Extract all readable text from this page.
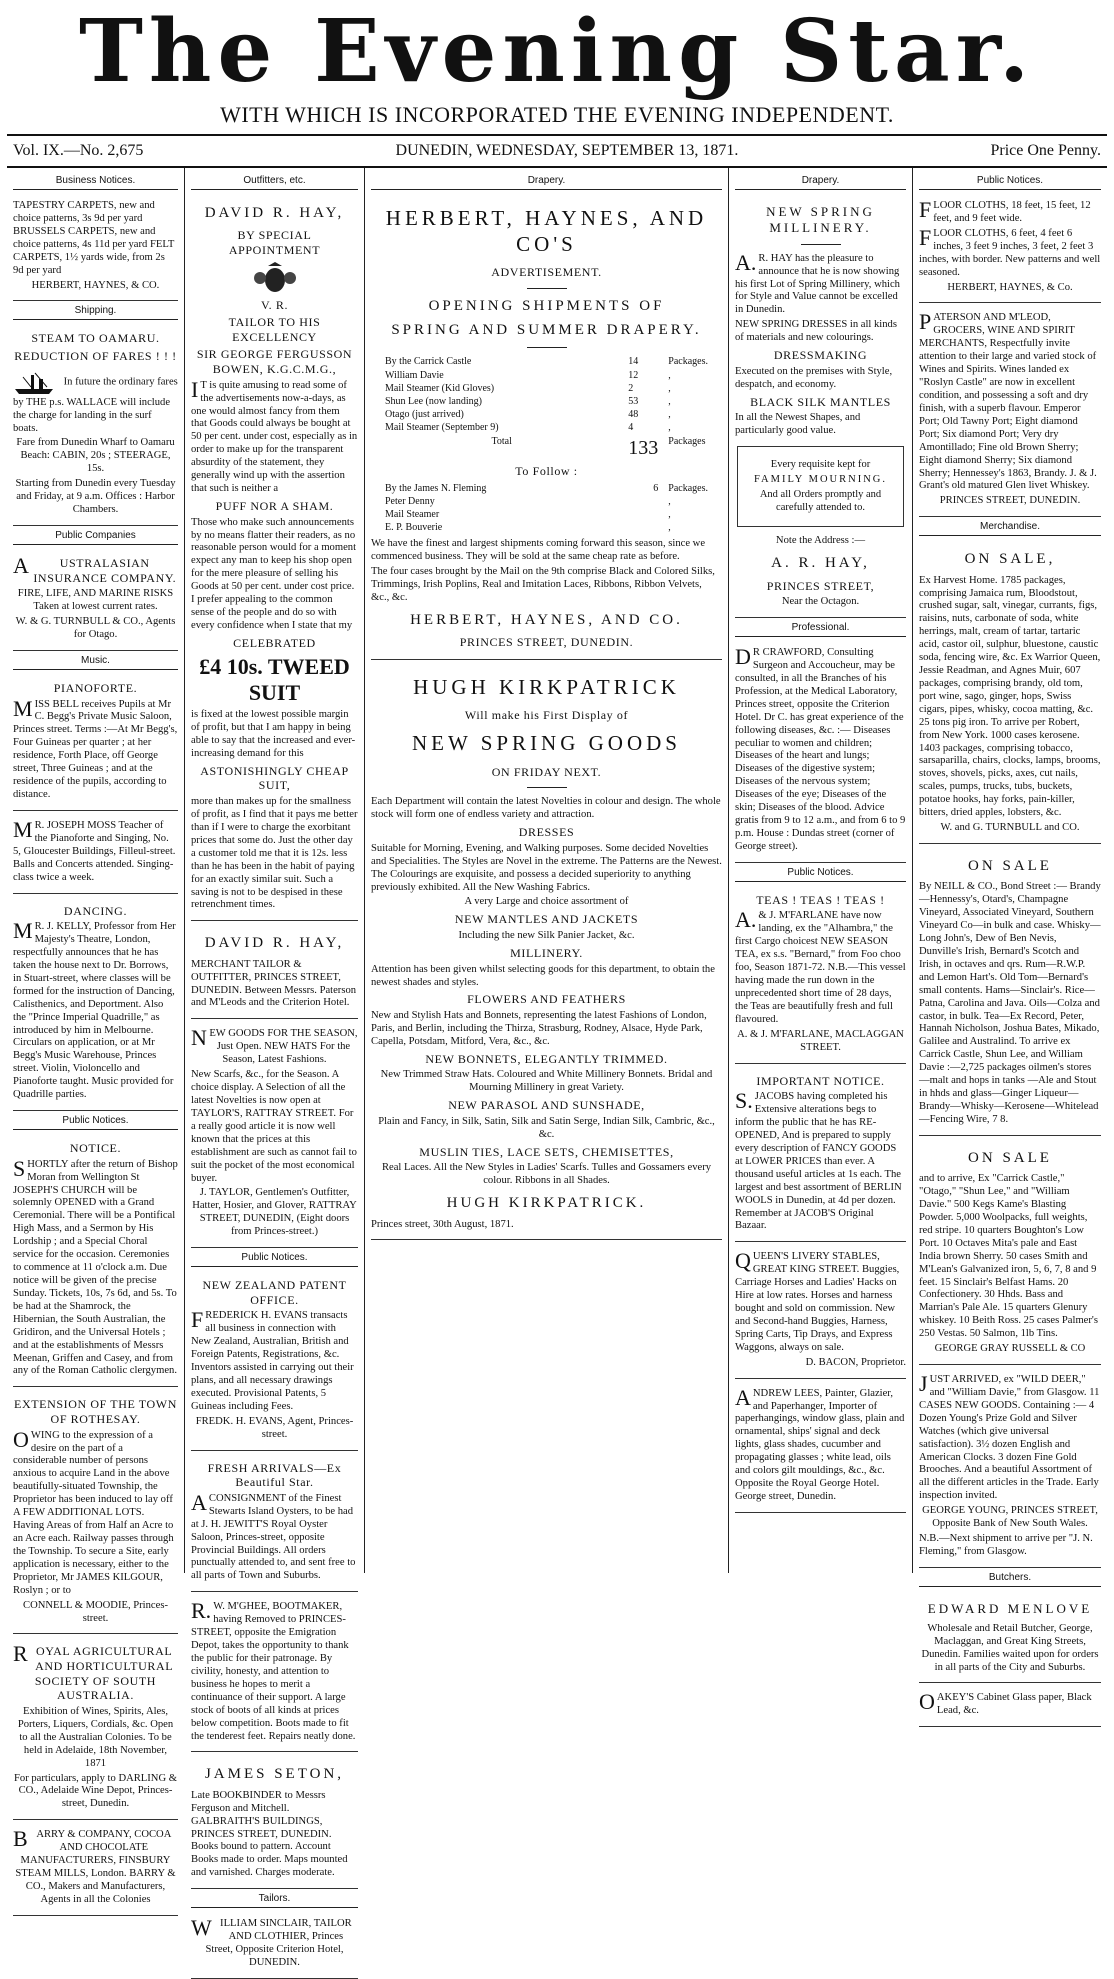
The Evening Star.
WITH WHICH IS INCORPORATED THE EVENING INDEPENDENT.
Vol. IX.—No. 2,675	DUNEDIN, WEDNESDAY, SEPTEMBER 13, 1871.	Price One Penny.
Business Notices.

TAPESTRY CARPETS, new and choice patterns, 3s 9d per yard BRUSSELS CARPETS, new and choice patterns, 4s 11d per yard FELT CARPETS, 1½ yards wide, from 2s 9d per yard

HERBERT, HAYNES, & CO.

Shipping.
STEAM TO OAMARU.
REDUCTION OF FARES ! ! !

In future the ordinary fares by THE p.s. WALLACE will include the charge for landing in the surf boats.

Fare from Dunedin Wharf to Oamaru Beach: CABIN, 20s ; STEERAGE, 15s.

Starting from Dunedin every Tuesday and Friday, at 9 a.m. Offices : Harbor Chambers.

Public Companies
AUSTRALASIAN INSURANCE COMPANY.

FIRE, LIFE, AND MARINE RISKS Taken at lowest current rates.

W. & G. TURNBULL & CO., Agents for Otago.

Music.
PIANOFORTE.

MISS BELL receives Pupils at Mr C. Begg's Private Music Saloon, Princes street. Terms :—At Mr Begg's, Four Guineas per quarter ; at her residence, Forth Place, off George street, Three Guineas ; and at the residence of the pupils, according to distance.

MR. JOSEPH MOSS Teacher of the Pianoforte and Singing, No. 5, Gloucester Buildings, Filleul-street. Balls and Concerts attended. Singing-class twice a week.

DANCING.

MR. J. KELLY, Professor from Her Majesty's Theatre, London, respectfully announces that he has taken the house next to Dr. Borrows, in Stuart-street, where classes will be formed for the instruction of Dancing, Calisthenics, and Deportment. Also the "Prince Imperial Quadrille," as introduced by him in Melbourne. Circulars on application, or at Mr Begg's Music Warehouse, Princes street. Violin, Violoncello and Pianoforte taught. Music provided for Quadrille parties.

Public Notices.
NOTICE.

SHORTLY after the return of Bishop Moran from Wellington St JOSEPH'S CHURCH will be solemnly OPENED with a Grand Ceremonial. There will be a Pontifical High Mass, and a Sermon by His Lordship ; and a Special Choral service for the occasion. Ceremonies to commence at 11 o'clock a.m. Due notice will be given of the precise Sunday. Tickets, 10s, 7s 6d, and 5s. To be had at the Shamrock, the Hibernian, the South Australian, the Gridiron, and the Universal Hotels ; and at the establishments of Messrs Meenan, Griffen and Casey, and from any of the Roman Catholic clergymen.

EXTENSION OF THE TOWN OF ROTHESAY.

OWING to the expression of a desire on the part of a considerable number of persons anxious to acquire Land in the above beautifully-situated Township, the Proprietor has been induced to lay off A FEW ADDITIONAL LOTS. Having Areas of from Half an Acre to an Acre each. Railway passes through the Township. To secure a Site, early application is necessary, either to the Proprietor, Mr JAMES KILGOUR, Roslyn ; or to

CONNELL & MOODIE, Princes-street.

ROYAL AGRICULTURAL AND HORTICULTURAL SOCIETY OF SOUTH AUSTRALIA.

Exhibition of Wines, Spirits, Ales, Porters, Liquers, Cordials, &c. Open to all the Australian Colonies. To be held in Adelaide, 18th November, 1871

For particulars, apply to DARLING & CO., Adelaide Wine Depot, Princes-street, Dunedin.

BARRY & COMPANY, COCOA AND CHOCOLATE MANUFACTURERS, FINSBURY STEAM MILLS, London. BARRY & CO., Makers and Manufacturers, Agents in all the Colonies

Outfitters, etc.
DAVID R. HAY,
BY SPECIAL APPOINTMENT
V. R.
TAILOR TO HIS EXCELLENCY
SIR GEORGE FERGUSSON BOWEN, K.G.C.M.G.,

IT is quite amusing to read some of the advertisements now-a-days, as one would almost fancy from them that Goods could always be bought at 50 per cent. under cost, especially as in order to make up for the transparent absurdity of the statement, they generally wind up with the assertion that such is neither a

PUFF NOR A SHAM.

Those who make such announcements by no means flatter their readers, as no reasonable person would for a moment expect any man to keep his shop open for the mere pleasure of selling his Goods at 50 per cent. under cost price. I prefer appealing to the common sense of the people and do so with every confidence when I state that my

CELEBRATED
£4 10s. TWEED SUIT

is fixed at the lowest possible margin of profit, but that I am happy in being able to say that the increased and ever-increasing demand for this

ASTONISHINGLY CHEAP SUIT,

more than makes up for the smallness of profit, as I find that it pays me better than if I were to charge the exorbitant prices that some do. Just the other day a customer told me that it is 12s. less than he has been in the habit of paying for an exactly similar suit. Such a saving is not to be despised in these retrenchment times.

DAVID R. HAY,

MERCHANT TAILOR & OUTFITTER, PRINCES STREET, DUNEDIN. Between Messrs. Paterson and M'Leods and the Criterion Hotel.

NEW GOODS FOR THE SEASON, Just Open. NEW HATS For the Season, Latest Fashions.

New Scarfs, &c., for the Season. A choice display. A Selection of all the latest Novelties is now open at TAYLOR'S, RATTRAY STREET. For a really good article it is now well known that the prices at this establishment are such as cannot fail to suit the pocket of the most economical buyer.

J. TAYLOR, Gentlemen's Outfitter, Hatter, Hosier, and Glover, RATTRAY STREET, DUNEDIN, (Eight doors from Princes-street.)

Public Notices.
NEW ZEALAND PATENT OFFICE.

FREDERICK H. EVANS transacts all business in connection with New Zealand, Australian, British and Foreign Patents, Registrations, &c. Inventors assisted in carrying out their plans, and all necessary drawings executed. Provisional Patents, 5 Guineas including Fees.

FREDK. H. EVANS, Agent, Princes-street.

FRESH ARRIVALS—Ex Beautiful Star.

ACONSIGNMENT of the Finest Stewarts Island Oysters, to be had at J. H. JEWITT'S Royal Oyster Saloon, Princes-street, opposite Provincial Buildings. All orders punctually attended to, and sent free to all parts of Town and Suburbs.

R.W. M'GHEE, BOOTMAKER, having Removed to PRINCES-STREET, opposite the Emigration Depot, takes the opportunity to thank the public for their patronage. By civility, honesty, and attention to business he hopes to merit a continuance of their support. A large stock of boots of all kinds at prices below competition. Boots made to fit the tenderest feet. Repairs neatly done.

JAMES SETON,

Late BOOKBINDER to Messrs Ferguson and Mitchell. GALBRAITH'S BUILDINGS, PRINCES STREET, DUNEDIN. Books bound to pattern. Account Books made to order. Maps mounted and varnished. Charges moderate.

Tailors.

WILLIAM SINCLAIR, TAILOR AND CLOTHIER, Princes Street, Opposite Criterion Hotel, DUNEDIN.

Drapery.
HERBERT, HAYNES, AND CO'S
ADVERTISEMENT.
OPENING SHIPMENTS OF
SPRING AND SUMMER DRAPERY.
By the Carrick Castle	14	Packages.
William Davie	12	,
Mail Steamer (Kid Gloves)	2	,
Shun Lee (now landing)	53	,
Otago (just arrived)	48	,
Mail Steamer (September 9)	4	,
Total	133 Packages
To Follow :
By the James N. Fleming	6 Packages.
Peter Denny	,
Mail Steamer	,
E. P. Bouverie	,

We have the finest and largest shipments coming forward this season, since we commenced business. They will be sold at the same cheap rate as before.

The four cases brought by the Mail on the 9th comprise Black and Colored Silks, Trimmings, Irish Poplins, Real and Imitation Laces, Ribbons, Ribbon Velvets, &c., &c.

HERBERT, HAYNES, AND CO.
PRINCES STREET, DUNEDIN.
HUGH KIRKPATRICK
Will make his First Display of
NEW SPRING GOODS
ON FRIDAY NEXT.

Each Department will contain the latest Novelties in colour and design. The whole stock will form one of endless variety and attraction.

DRESSES

Suitable for Morning, Evening, and Walking purposes. Some decided Novelties and Specialities. The Styles are Novel in the extreme. The Patterns are the Newest. The Colourings are exquisite, and possess a decided superiority to anything previously exhibited. All the New Washing Fabrics.

A very Large and choice assortment of

NEW MANTLES AND JACKETS

Including the new Silk Panier Jacket, &c.

MILLINERY.

Attention has been given whilst selecting goods for this department, to obtain the newest shades and styles.

FLOWERS AND FEATHERS

New and Stylish Hats and Bonnets, representing the latest Fashions of London, Paris, and Berlin, including the Thirza, Strasburg, Rodney, Alsace, Hyde Park, Capella, Potsdam, Mitford, Vera, &c., &c.

NEW BONNETS, ELEGANTLY TRIMMED.

New Trimmed Straw Hats. Coloured and White Millinery Bonnets. Bridal and Mourning Millinery in great Variety.

NEW PARASOL AND SUNSHADE,

Plain and Fancy, in Silk, Satin, Silk and Satin Serge, Indian Silk, Cambric, &c., &c.

MUSLIN TIES, LACE SETS, CHEMISETTES,

Real Laces. All the New Styles in Ladies' Scarfs. Tulles and Gossamers every colour. Ribbons in all Shades.

HUGH KIRKPATRICK.

Princes street, 30th August, 1871.

Drapery.
NEW SPRING MILLINERY.

A.R. HAY has the pleasure to announce that he is now showing his first Lot of Spring Millinery, which for Style and Value cannot be excelled in Dunedin.

NEW SPRING DRESSES in all kinds of materials and new colourings.

DRESSMAKING

Executed on the premises with Style, despatch, and economy.

BLACK SILK MANTLES

In all the Newest Shapes, and particularly good value.

Every requisite kept for

FAMILY MOURNING.

And all Orders promptly and carefully attended to.

Note the Address :—

A. R. HAY,
PRINCES STREET,

Near the Octagon.

Professional.

DR CRAWFORD, Consulting Surgeon and Accoucheur, may be consulted, in all the Branches of his Profession, at the Medical Laboratory, Princes street, opposite the Criterion Hotel. Dr C. has great experience of the following diseases, &c. :— Diseases peculiar to women and children; Diseases of the heart and lungs; Diseases of the digestive system; Diseases of the nervous system; Diseases of the eye; Diseases of the skin; Diseases of the blood. Advice gratis from 9 to 12 a.m., and from 6 to 9 p.m. House : Dundas street (corner of George street).

Public Notices.
TEAS ! TEAS ! TEAS !

A.& J. M'FARLANE have now landing, ex the "Alhambra," the first Cargo choicest NEW SEASON TEA, ex s.s. "Bernard," from Foo choo foo, Season 1871-72. N.B.—This vessel having made the run down in the unprecedented short time of 28 days, the Teas are beautifully fresh and full flavoured.

A. & J. M'FARLANE, MACLAGGAN STREET.

IMPORTANT NOTICE.

S.JACOBS having completed his Extensive alterations begs to inform the public that he has RE-OPENED, And is prepared to supply every description of FANCY GOODS at LOWER PRICES than ever. A thousand useful articles at 1s each. The largest and best assortment of BERLIN WOOLS in Dunedin, at 4d per dozen. Remember at JACOB'S Original Bazaar.

QUEEN'S LIVERY STABLES, GREAT KING STREET. Buggies, Carriage Horses and Ladies' Hacks on Hire at low rates. Horses and harness bought and sold on commission. New and Second-hand Buggies, Harness, Spring Carts, Tip Drays, and Express Waggons, always on sale.

D. BACON, Proprietor.

ANDREW LEES, Painter, Glazier, and Paperhanger, Importer of paperhangings, window glass, plain and ornamental, ships' signal and deck lights, glass shades, cucumber and propagating glasses ; white lead, oils and colors gilt mouldings, &c., &c. Opposite the Royal George Hotel. George street, Dunedin.

Public Notices.

FLOOR CLOTHS, 18 feet, 15 feet, 12 feet, and 9 feet wide.

FLOOR CLOTHS, 6 feet, 4 feet 6 inches, 3 feet 9 inches, 3 feet, 2 feet 3 inches, with border. New patterns and well seasoned.

HERBERT, HAYNES, & Co.

PATERSON AND M'LEOD, GROCERS, WINE AND SPIRIT MERCHANTS, Respectfully invite attention to their large and varied stock of Wines and Spirits. Wines landed ex "Roslyn Castle" are now in excellent condition, and possessing a soft and dry finish, with a superb flavour. Emperor Port; Old Tawny Port; Eight diamond Port; Six diamond Port; Very dry Amontillado; Fine old Brown Sherry; Eight diamond Sherry; Six diamond Sherry; Hennessey's 1863, Brandy. J. & J. Grant's old matured Glen livet Whiskey.

PRINCES STREET, DUNEDIN.

Merchandise.
ON SALE,

Ex Harvest Home. 1785 packages, comprising Jamaica rum, Bloodstout, crushed sugar, salt, vinegar, currants, figs, raisins, nuts, carbonate of soda, white herrings, malt, cream of tartar, tartaric acid, castor oil, sulphur, bluestone, caustic soda, fencing wire, &c. Ex Warrior Queen, Jessie Readman, and Agnes Muir, 607 packages, comprising brandy, old tom, port wine, sago, ginger, hops, Swiss cigars, pipes, whisky, cocoa matting, &c. 25 tons pig iron. To arrive per Robert, from New York. 1000 cases kerosene. 1403 packages, comprising tobacco, sarsaparilla, chairs, clocks, lamps, brooms, stoves, shovels, picks, axes, cut nails, scales, pumps, trucks, tubs, buckets, potatoe hooks, hay forks, pain-killer, bitters, dried apples, lobsters, &c.

W. and G. TURNBULL and CO.

ON SALE

By NEILL & CO., Bond Street :— Brandy—Hennessy's, Otard's, Champagne Vineyard, Associated Vineyard, Southern Vineyard Co—in bulk and case. Whisky—Long John's, Dew of Ben Nevis, Dunville's Irish, Bernard's Scotch and Irish, in octaves and qrs. Rum—R.W.P. and Lemon Hart's. Old Tom—Bernard's small contents. Hams—Sinclair's. Rice—Patna, Carolina and Java. Oils—Colza and castor, in bulk. Tea—Ex Record, Peter, Hannah Nicholson, Joshua Bates, Mikado, Galilee and Australind. To arrive ex Carrick Castle, Shun Lee, and William Davie :—2,725 packages oilmen's stores—malt and hops in tanks —Ale and Stout in hhds and glass—Ginger Liqueur—Brandy—Whisky—Kerosene—Whitelead—Fencing Wire, 7 8.

ON SALE

and to arrive, Ex "Carrick Castle," "Otago," "Shun Lee," and "William Davie." 500 Kegs Kame's Blasting Powder. 5,000 Woolpacks, full weights, red stripe. 10 quarters Boughton's Low Port. 10 Octaves Mita's pale and East India brown Sherry. 50 cases Smith and M'Lean's Galvanized iron, 5, 6, 7, 8 and 9 feet. 15 Sinclair's Belfast Hams. 20 Confectionery. 30 Hhds. Bass and Marrian's Pale Ale. 15 quarters Glenury whiskey. 10 Beith Ross. 25 cases Palmer's 250 Vestas. 50 Salmon, 1lb Tins.

GEORGE GRAY RUSSELL & CO

JUST ARRIVED, ex "WILD DEER," and "William Davie," from Glasgow. 11 CASES NEW GOODS. Containing :— 4 Dozen Young's Prize Gold and Silver Watches (which give universal satisfaction). 3½ dozen English and American Clocks. 3 dozen Fine Gold Brooches. And a beautiful Assortment of all the different articles in the Trade. Early inspection invited.

GEORGE YOUNG, PRINCES STREET, Opposite Bank of New South Wales.

N.B.—Next shipment to arrive per "J. N. Fleming," from Glasgow.

Butchers.
EDWARD MENLOVE

Wholesale and Retail Butcher, George, Maclaggan, and Great King Streets, Dunedin. Families waited upon for orders in all parts of the City and Suburbs.

OAKEY'S Cabinet Glass paper, Black Lead, &c.
